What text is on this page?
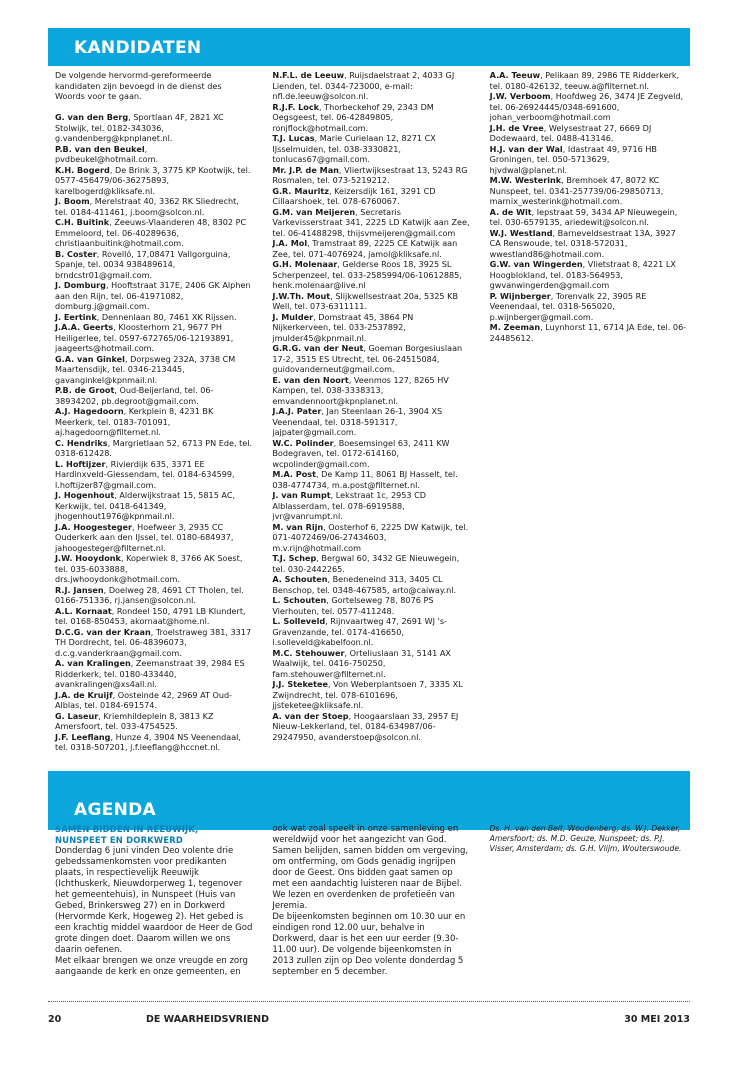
KANDIDATEN

De volgende hervormd-gereformeerde kandidaten zijn bevoegd in de dienst des Woords voor te gaan.

G. van den Berg, Sportlaan 4F, 2821 XC Stolwijk, tel. 0182-343036, g.vandenberg@kpnplanet.nl.

P.B. van den Beukel, pvdbeukel@hotmail.com.

K.H. Bogerd, De Brink 3, 3775 KP Kootwijk, tel. 0577-456479/06-36275893, karelbogerd@kliksafe.nl.

J. Boom, Merelstraat 40, 3362 RK Sliedrecht, tel. 0184-411461, j.boom@solcon.nl.

C.H. Buitink, Zeeuws-Vlaanderen 48, 8302 PC Emmeloord, tel. 06-40289636, christiaanbuitink@hotmail.com.

B. Coster, Rovelló, 17,08471 Vallgorguina, Spanje, tel. 0034 938489614, brndcstr01@gmail.com.

J. Domburg, Hooftstraat 317E, 2406 GK Alphen aan den Rijn, tel. 06-41971082, domburg.j@gmail.com.

J. Eertink, Dennenlaan 80, 7461 XK Rijssen.

J.A.A. Geerts, Kloosterhorn 21, 9677 PH Heiligerlee, tel. 0597-672765/06-12193891, jaageerts@hotmail.com.

G.A. van Ginkel, Dorpsweg 232A, 3738 CM Maartensdijk, tel. 0346-213445, gavanginkel@kpnmail.nl.

P.B. de Groot, Oud-Beijerland, tel. 06-38934202, pb.degroot@gmail.com.

A.J. Hagedoorn, Kerkplein 8, 4231 BK Meerkerk, tel. 0183-701091, aj.hagedoorn@filternet.nl.

C. Hendriks, Margrietlaan 52, 6713 PN Ede, tel. 0318-612428.

L. Hoftijzer, Rivierdijk 635, 3371 EE Hardinxveld-Giessendam, tel. 0184-634599, l.hoftijzer87@gmail.com.

J. Hogenhout, Alderwijkstraat 15, 5815 AC, Kerkwijk, tel. 0418-641349, jhogenhout1976@kpnmail.nl.

J.A. Hoogesteger, Hoefweer 3, 2935 CC Ouderkerk aan den IJssel, tel. 0180-684937, jahoogesteger@filternet.nl.

J.W. Hooydonk, Koperwiek 8, 3766 AK Soest, tel. 035-6033888, drs.jwhooydonk@hotmail.com.

R.J. Jansen, Doelweg 28, 4691 CT Tholen, tel. 0166-751336, rj.jansen@solcon.nl.

A.L. Kornaat, Rondeel 150, 4791 LB Klundert, tel. 0168-850453, akornaat@home.nl.

D.C.G. van der Kraan, Troelstraweg 381, 3317 TH Dordrecht, tel. 06-48396073, d.c.g.vanderkraan@gmail.com.

A. van Kralingen, Zeemanstraat 39, 2984 ES Ridderkerk, tel. 0180-433440, avankralingen@xs4all.nl.

J.A. de Kruijf, Oosteinde 42, 2969 AT Oud-Alblas, tel. 0184-691574.

G. Laseur, Kriemhildeplein 8, 3813 KZ Amersfoort, tel. 033-4754525.

J.F. Leeflang, Hunze 4, 3904 NS Veenendaal, tel. 0318-507201, j.f.leeflang@hccnet.nl.

N.F.L. de Leeuw, Ruijsdaelstraat 2, 4033 GJ Lienden, tel. 0344-723000, e-mail: nfl.de.leeuw@solcon.nl.

R.J.F. Lock, Thorbeckehof 29, 2343 DM Oegsgeest, tel. 06-42849805, ronjflock@hotmail.com.

T.J. Lucas, Marie Curielaan 12, 8271 CX IJsselmuiden, tel. 038-3330821, tonlucas67@gmail.com.

Mr. J.P. de Man, Vliertwijksestraat 13, 5243 RG Rosmalen, tel. 073-5219212.

G.R. Mauritz, Keizersdijk 161, 3291 CD Cillaarshoek, tel. 078-6760067.

G.M. van Meijeren, Secretaris Varkevisserstraat 341, 2225 LD Katwijk aan Zee, tel. 06-41488298, thijsvmeijeren@gmail.com

J.A. Mol, Tramstraat 89, 2225 CE Katwijk aan Zee, tel. 071-4076924, jamol@kliksafe.nl.

G.H. Molenaar, Gelderse Roos 18, 3925 SL Scherpenzeel, tel. 033-2585994/06-10612885, henk.molenaar@live.nl

J.W.Th. Mout, Slijkwellsestraat 20a, 5325 KB Well, tel. 073-6311111.

J. Mulder, Domstraat 45, 3864 PN Nijkerkerveen, tel. 033-2537892, jmulder45@kpnmail.nl.

G.R.G. van der Neut, Goeman Borgesiuslaan 17-2, 3515 ES Utrecht, tel. 06-24515084, guidovanderneut@gmail.com.

E. van den Noort, Veenmos 127, 8265 HV Kampen, tel. 038-3338313, emvandennoort@kpnplanet.nl.

J.A.J. Pater, Jan Steenlaan 26-1, 3904 XS Veenendaal, tel. 0318-591317, jajpater@gmail.com.

W.C. Polinder, Boesemsingel 63, 2411 KW Bodegraven, tel. 0172-614160, wcpolinder@gmail.com.

M.A. Post, De Kamp 11, 8061 BJ Hasselt, tel. 038-4774734, m.a.post@filternet.nl.

J. van Rumpt, Lekstraat 1c, 2953 CD Alblasserdam, tel. 078-6919588, jvr@vanrumpt.nl.

M. van Rijn, Oosterhof 6, 2225 DW Katwijk, tel. 071-4072469/06-27434603, m.v.rijn@hotmail.com

T.J. Schep, Bergwal 60, 3432 GE Nieuwegein, tel. 030-2442265.

A. Schouten, Benedeneind 313, 3405 CL Benschop, tel. 0348-467585, arto@caiway.nl.

L. Schouten, Gortelseweg 78, 8076 PS Vierhouten, tel. 0577-411248.

L. Solleveld, Rijnvaartweg 47, 2691 WJ 's-Gravenzande, tel. 0174-416650, l.solleveld@kabelfoon.nl.

M.C. Stehouwer, Orteliuslaan 31, 5141 AX Waalwijk, tel. 0416-750250, fam.stehouwer@filternet.nl.

J.J. Steketee, Von Weberplantsoen 7, 3335 XL Zwijndrecht, tel. 078-6101696, jjsteketee@kliksafe.nl.

A. van der Stoep, Hoogaarslaan 33, 2957 EJ Nieuw-Lekkerland, tel. 0184-634987/06-29247950, avanderstoep@solcon.nl.

A.A. Teeuw, Pelikaan 89, 2986 TE Ridderkerk, tel. 0180-426132, teeuw.a@filternet.nl.

J.W. Verboom, Hoofdweg 26, 3474 JE Zegveld, tel. 06-26924445/0348-691600, johan_verboom@hotmail.com

J.H. de Vree, Welysestraat 27, 6669 DJ Dodewaard, tel. 0488-413146.

H.J. van der Wal, Idastraat 49, 9716 HB Groningen, tel. 050-5713629, hjvdwal@planet.nl.

M.W. Westerink, Bremhoek 47, 8072 KC Nunspeet, tel. 0341-257739/06-29850713, marnix_westerink@hotmail.com.

A. de Wit, Iepstraat 59, 3434 AP Nieuwegein, tel. 030-6579135, ariedewit@solcon.nl.

W.J. Westland, Barneveldsestraat 13A, 3927 CA Renswoude, tel. 0318-572031, wwestland86@hotmail.com.

G.W. van Wingerden, Vlietstraat 8, 4221 LX Hoogblokland, tel. 0183-564953, gwvanwingerden@gmail.com

P. Wijnberger, Torenvalk 22, 3905 RE Veenendaal, tel. 0318-565020, p.wijnberger@gmail.com.

M. Zeeman, Luynhorst 11, 6714 JA Ede, tel. 06-24485612.

AGENDA
SAMEN BIDDEN IN REEUWIJK, NUNSPEET EN DORKWERD

Donderdag 6 juni vinden Deo volente drie gebedssamenkomsten voor predikanten plaats, in respectievelijk Reeuwijk (Ichthuskerk, Nieuwdorperweg 1, tegenover het gemeentehuis), in Nunspeet (Huis van Gebed, Brinkersweg 27) en in Dorkwerd (Hervormde Kerk, Hogeweg 2). Het gebed is een krachtig middel waardoor de Heer de God grote dingen doet. Daarom willen we ons daarin oefenen.

Met elkaar brengen we onze vreugde en zorg aangaande de kerk en onze gemeenten, en ook wat zoal speelt in onze samenleving en wereldwijd voor het aangezicht van God. Samen belijden, samen bidden om vergeving, om ontferming, om Gods genadig ingrijpen door de Geest. Ons bidden gaat samen op met een aandachtig luisteren naar de Bijbel. We lezen en overdenken de profetieën van Jeremia.

De bijeenkomsten beginnen om 10.30 uur en eindigen rond 12.00 uur, behalve in Dorkwerd, daar is het een uur eerder (9.30-11.00 uur). De volgende bijeenkomsten in 2013 zullen zijn op Deo volente donderdag 5 september en 5 december.

Ds. H. van den Belt, Woudenberg; ds. W.J. Dekker, Amersfoort; ds. M.D. Geuze, Nunspeet; ds. P.J. Visser, Amsterdam; ds. G.H. Vlijm, Wouterswoude.

20	DE WAARHEIDSVRIEND	30 MEI 2013
